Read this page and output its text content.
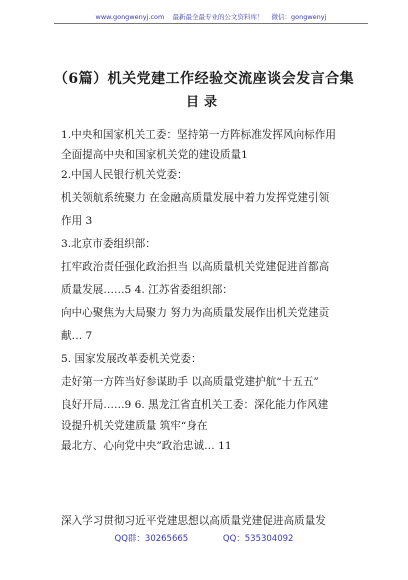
www.gongwenyj.com 最新最全最专业的公文资料库！ 微信：gongwenyj
（6篇）机关党建工作经验交流座谈会发言合集
目录
1.中央和国家机关工委：坚持第一方阵标准发挥风向标作用
全面提高中央和国家机关党的建设质量1
2.中国人民银行机关党委：
机关领航系统聚力 在金融高质量发展中着力发挥党建引领
作用 3
3.北京市委组织部：
扛牢政治责任强化政治担当 以高质量机关党建促进首都高
质量发展……5 4. 江苏省委组织部：
向中心聚焦为大局聚力 努力为高质量发展作出机关党建贡
献… 7
5. 国家发展改革委机关党委：
走好第一方阵当好参谋助手 以高质量党建护航“十五五”
良好开局……9 6. 黑龙江省直机关工委：深化能力作风建
设提升机关党建质量 筑牢“身在
最北方、心向党中央”政治忠诚… 11
深入学习贯彻习近平党建思想以高质量党建促进高质量发
QQ群：30265665	QQ：535304092
